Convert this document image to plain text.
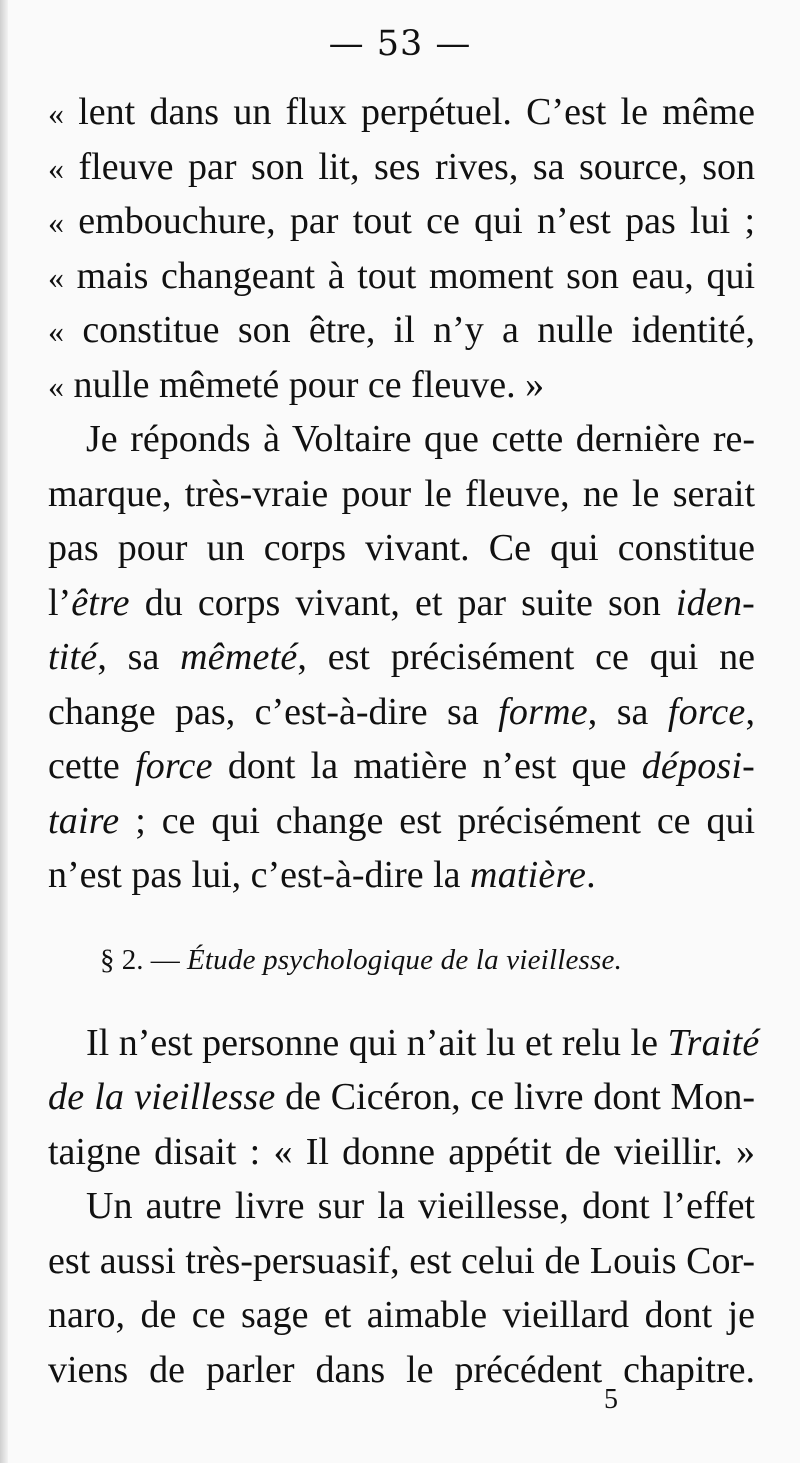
— 53 —
« lent dans un flux perpétuel. C’est le même
« fleuve par son lit, ses rives, sa source, son
« embouchure, par tout ce qui n’est pas lui ;
« mais changeant à tout moment son eau, qui
« constitue son être, il n’y a nulle identité,
« nulle mêmeté pour ce fleuve. »
Je réponds à Voltaire que cette dernière re-
marque, très-vraie pour le fleuve, ne le serait
pas pour un corps vivant. Ce qui constitue
l’être du corps vivant, et par suite son iden-
tité, sa mêmeté, est précisément ce qui ne
change pas, c’est-à-dire sa forme, sa force,
cette force dont la matière n’est que déposi-
taire ; ce qui change est précisément ce qui
n’est pas lui, c’est-à-dire la matière.
§ 2. — Étude psychologique de la vieillesse.
Il n’est personne qui n’ait lu et relu le Traité
de la vieillesse de Cicéron, ce livre dont Mon-
taigne disait : « Il donne appétit de vieillir. »
Un autre livre sur la vieillesse, dont l’effet
est aussi très-persuasif, est celui de Louis Cor-
naro, de ce sage et aimable vieillard dont je
viens de parler dans le précédent chapitre.
5
